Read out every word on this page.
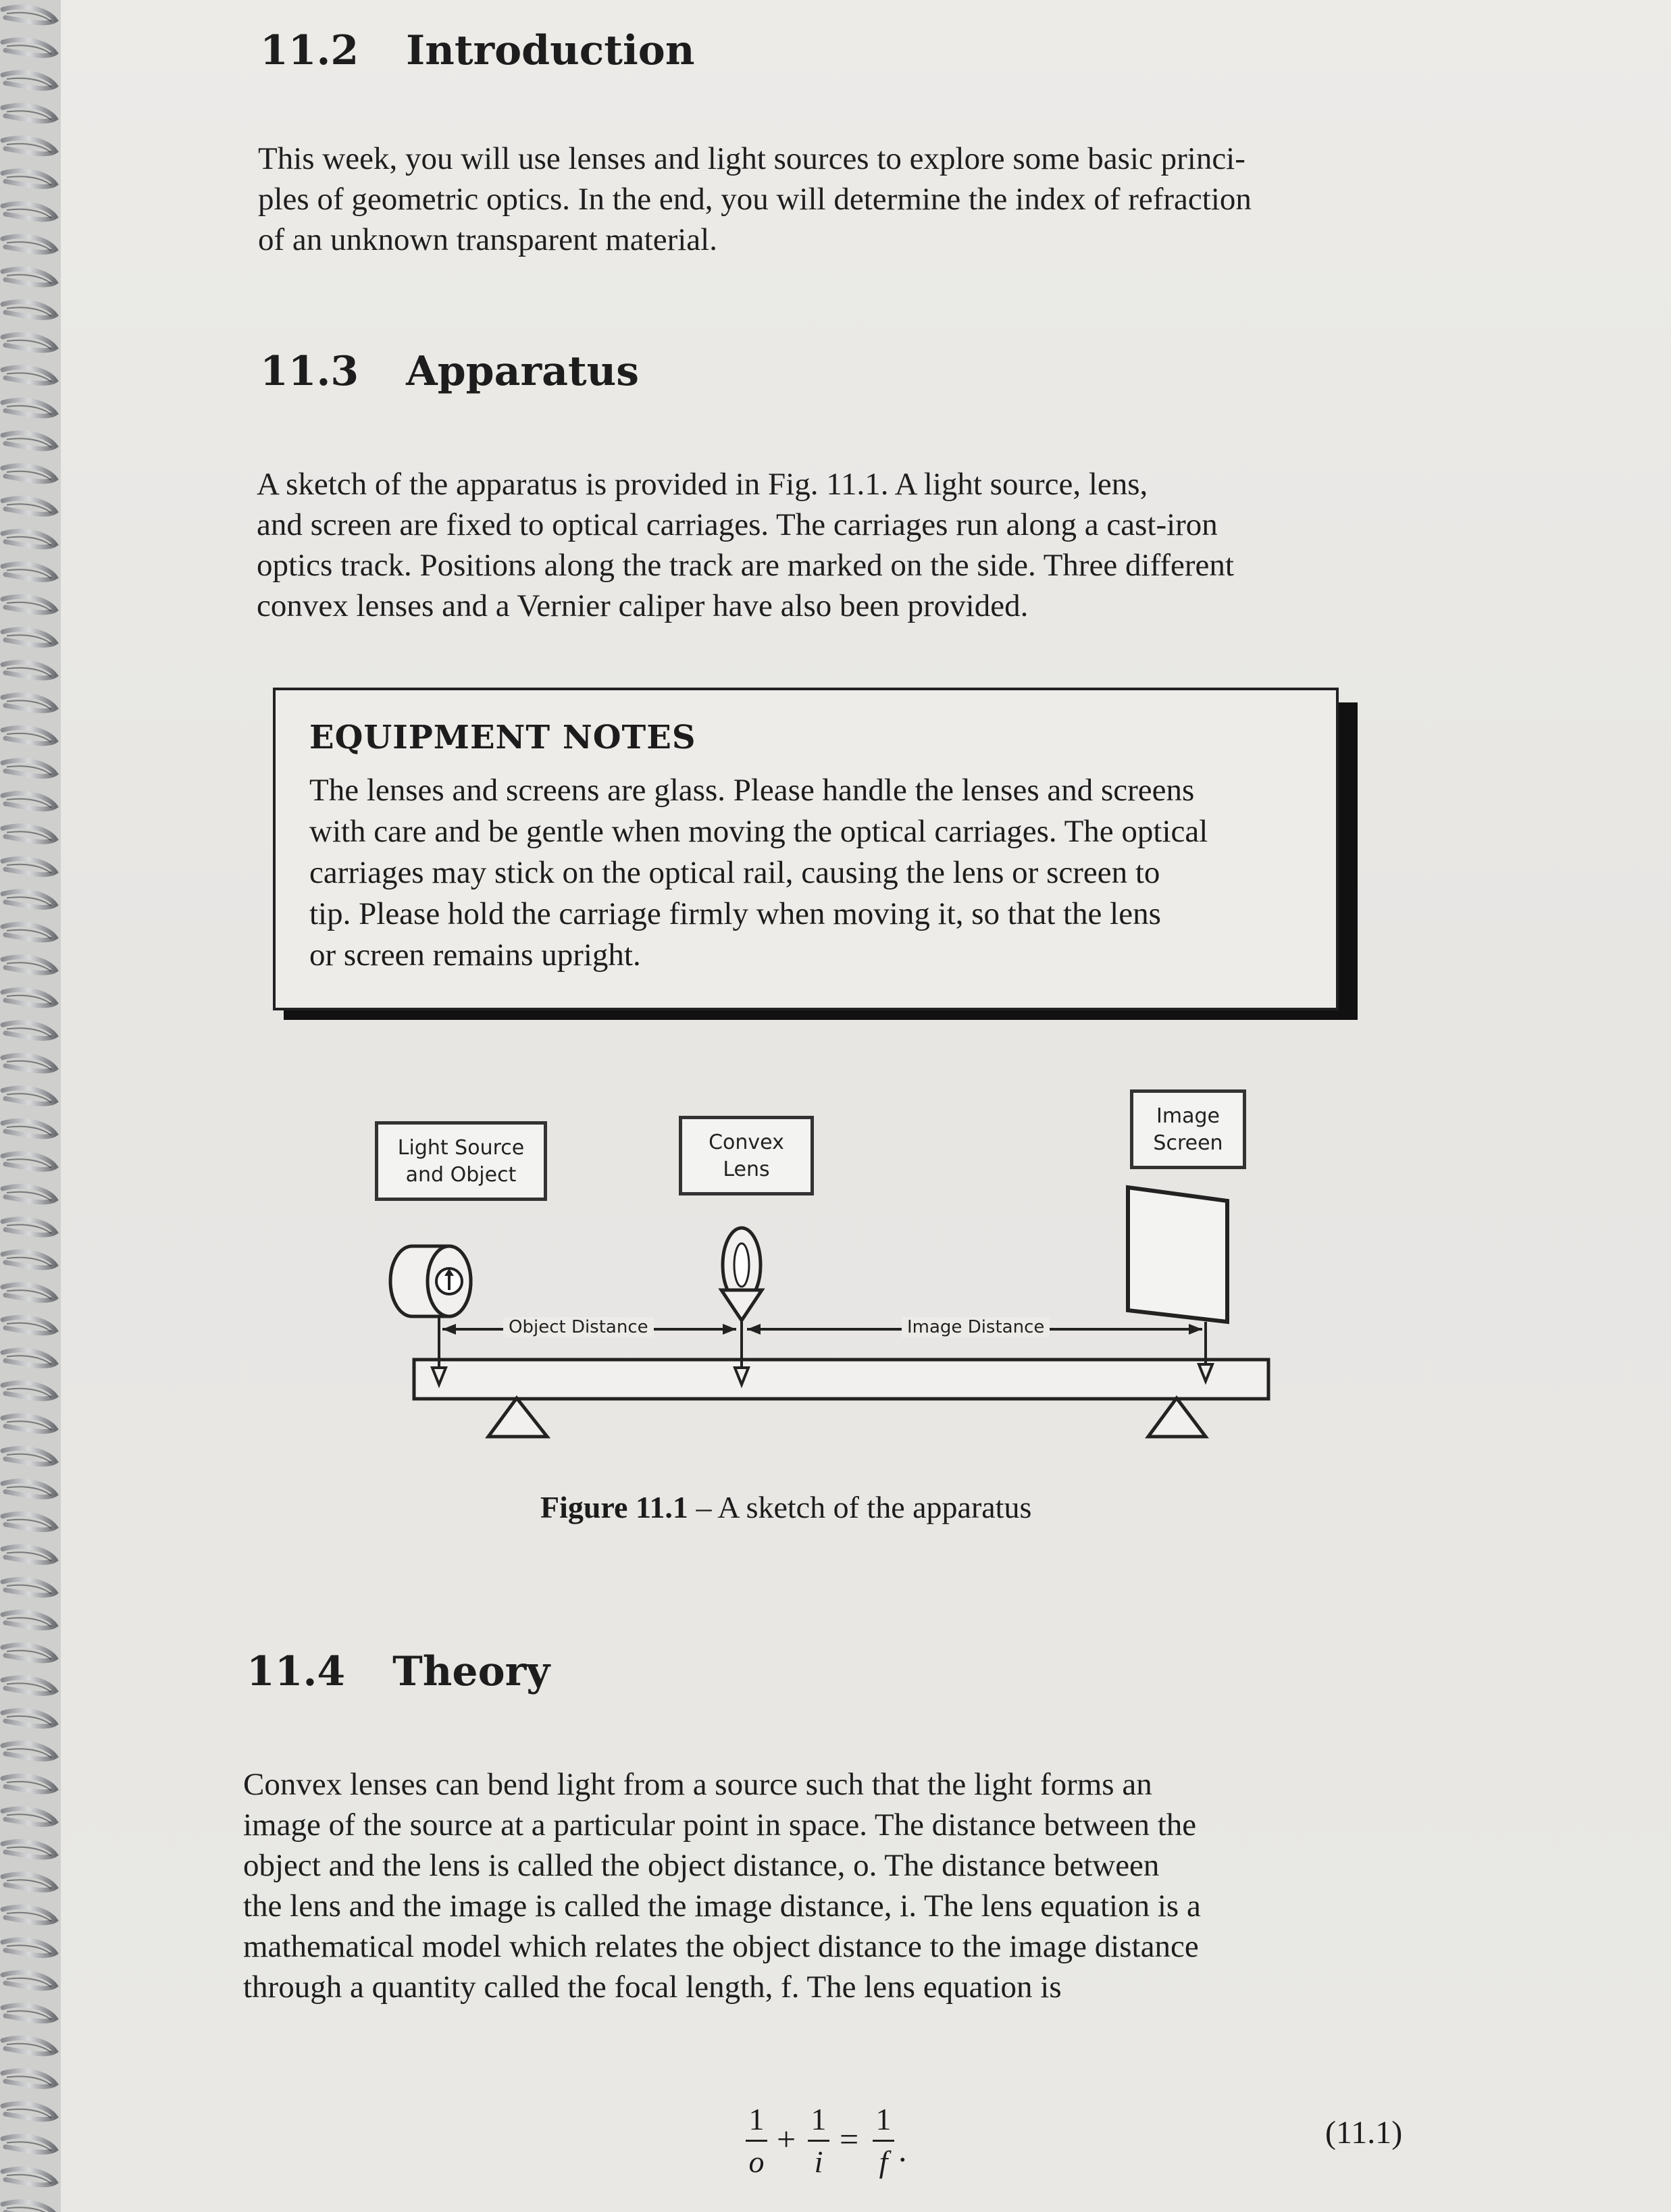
11.2 Introduction
This week, you will use lenses and light sources to explore some basic princi-
ples of geometric optics. In the end, you will determine the index of refraction
of an unknown transparent material.
11.3 Apparatus
A sketch of the apparatus is provided in Fig. 11.1. A light source, lens,
and screen are fixed to optical carriages. The carriages run along a cast-iron
optics track. Positions along the track are marked on the side. Three different
convex lenses and a Vernier caliper have also been provided.
EQUIPMENT NOTES
The lenses and screens are glass. Please handle the lenses and screens
with care and be gentle when moving the optical carriages. The optical
carriages may stick on the optical rail, causing the lens or screen to
tip. Please hold the carriage firmly when moving it, so that the lens
or screen remains upright.
Light Source
and Object
Convex
Lens
Image
Screen
Object Distance	Image Distance
Figure 11.1 – A sketch of the apparatus
11.4 Theory
Convex lenses can bend light from a source such that the light forms an
image of the source at a particular point in space. The distance between the
object and the lens is called the object distance, o. The distance between
the lens and the image is called the image distance, i. The lens equation is a
mathematical model which relates the object distance to the image distance
through a quantity called the focal length, f. The lens equation is
1
o
+
1
i
=
1
f .	(11.1)
